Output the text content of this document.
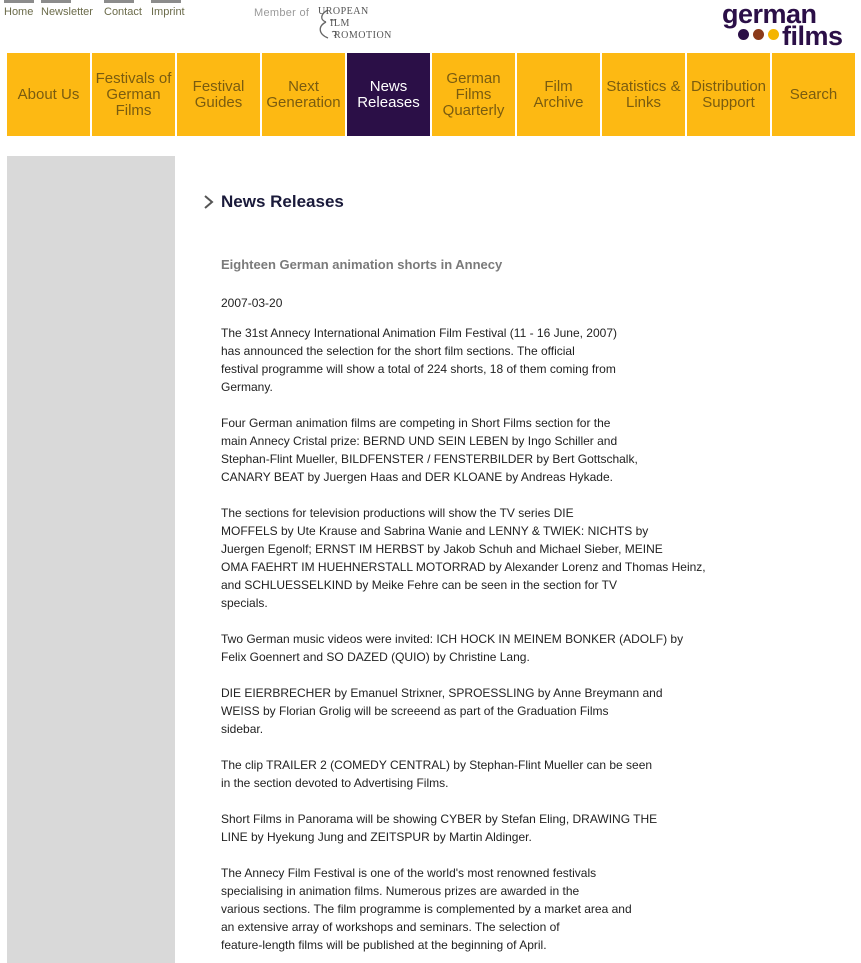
Home Newsletter Contact Imprint	Member of UROPEAN
ILM
ROMOTION
german
films
About Us
Festivals of German Films
Festival Guides
Next Generation
News Releases
German Films Quarterly
Film Archive
Statistics & Links
Distribution Support	Search
News Releases
Eighteen German animation shorts in Annecy
2007-03-20
The 31st Annecy International Animation Film Festival (11 - 16 June, 2007)
has announced the selection for the short film sections. The official
festival programme will show a total of 224 shorts, 18 of them coming from
Germany.
Four German animation films are competing in Short Films section for the
main Annecy Cristal prize: BERND UND SEIN LEBEN by Ingo Schiller and
Stephan-Flint Mueller, BILDFENSTER / FENSTERBILDER by Bert Gottschalk,
CANARY BEAT by Juergen Haas and DER KLOANE by Andreas Hykade.
The sections for television productions will show the TV series DIE
MOFFELS by Ute Krause and Sabrina Wanie and LENNY & TWIEK: NICHTS by
Juergen Egenolf; ERNST IM HERBST by Jakob Schuh and Michael Sieber, MEINE
OMA FAEHRT IM HUEHNERSTALL MOTORRAD by Alexander Lorenz and Thomas Heinz,
and SCHLUESSELKIND by Meike Fehre can be seen in the section for TV
specials.
Two German music videos were invited: ICH HOCK IN MEINEM BONKER (ADOLF) by
Felix Goennert and SO DAZED (QUIO) by Christine Lang.
DIE EIERBRECHER by Emanuel Strixner, SPROESSLING by Anne Breymann and
WEISS by Florian Grolig will be screeend as part of the Graduation Films
sidebar.
The clip TRAILER 2 (COMEDY CENTRAL) by Stephan-Flint Mueller can be seen
in the section devoted to Advertising Films.
Short Films in Panorama will be showing CYBER by Stefan Eling, DRAWING THE
LINE by Hyekung Jung and ZEITSPUR by Martin Aldinger.
The Annecy Film Festival is one of the world's most renowned festivals
specialising in animation films. Numerous prizes are awarded in the
various sections. The film programme is complemented by a market area and
an extensive array of workshops and seminars. The selection of
feature-length films will be published at the beginning of April.
